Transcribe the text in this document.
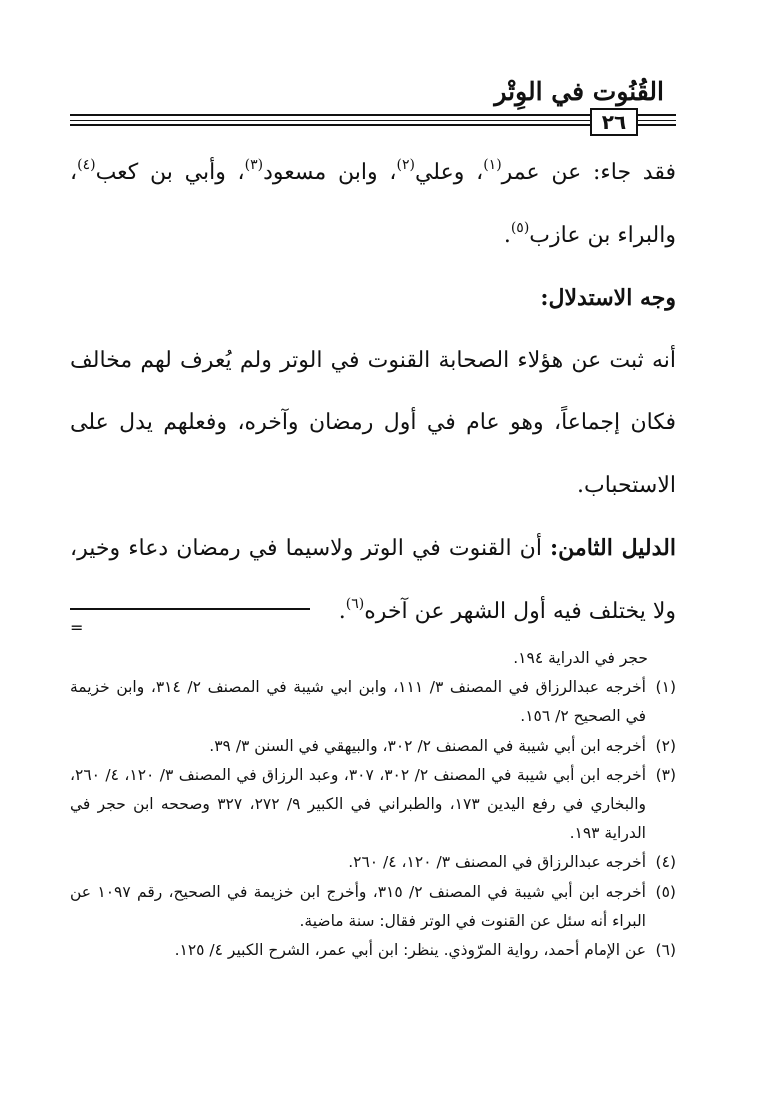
القُنُوت في الوِتْر
٢٦

فقد جاء: عن عمر$^{(١)}$، وعلي$^{(٢)}$، وابن مسعود$^{(٣)}$، وأبي بن كعب$^{(٤)}$، والبراء بن عازب$^{(٥)}$.

وجه الاستدلال:

أنه ثبت عن هؤلاء الصحابة القنوت في الوتر ولم يُعرف لهم مخالف فكان إجماعاً، وهو عام في أول رمضان وآخره، وفعلهم يدل على الاستحباب.

الدليل الثامن: أن القنوت في الوتر ولاسيما في رمضان دعاء وخير، ولا يختلف فيه أول الشهر عن آخره$^{(٦)}$.

=

حجر في الدراية ١٩٤.

(١)أخرجه عبدالرزاق في المصنف ٣/ ١١١، وابن ابي شيبة في المصنف ٢/ ٣١٤، وابن خزيمة في الصحيح ٢/ ١٥٦.

(٢)أخرجه ابن أبي شيبة في المصنف ٢/ ٣٠٢، والبيهقي في السنن ٣/ ٣٩.

(٣)أخرجه ابن أبي شيبة في المصنف ٢/ ٣٠٢، ٣٠٧، وعبد الرزاق في المصنف ٣/ ١٢٠، ٤/ ٢٦٠، والبخاري في رفع اليدين ١٧٣، والطبراني في الكبير ٩/ ٢٧٢، ٣٢٧ وصححه ابن حجر في الدراية ١٩٣.

(٤)أخرجه عبدالرزاق في المصنف ٣/ ١٢٠، ٤/ ٢٦٠.

(٥)أخرجه ابن أبي شيبة في المصنف ٢/ ٣١٥، وأخرج ابن خزيمة في الصحيح، رقم ١٠٩٧ عن البراء أنه سئل عن القنوت في الوتر فقال: سنة ماضية.

(٦)عن الإمام أحمد، رواية المرّوذي. ينظر: ابن أبي عمر، الشرح الكبير ٤/ ١٢٥.
